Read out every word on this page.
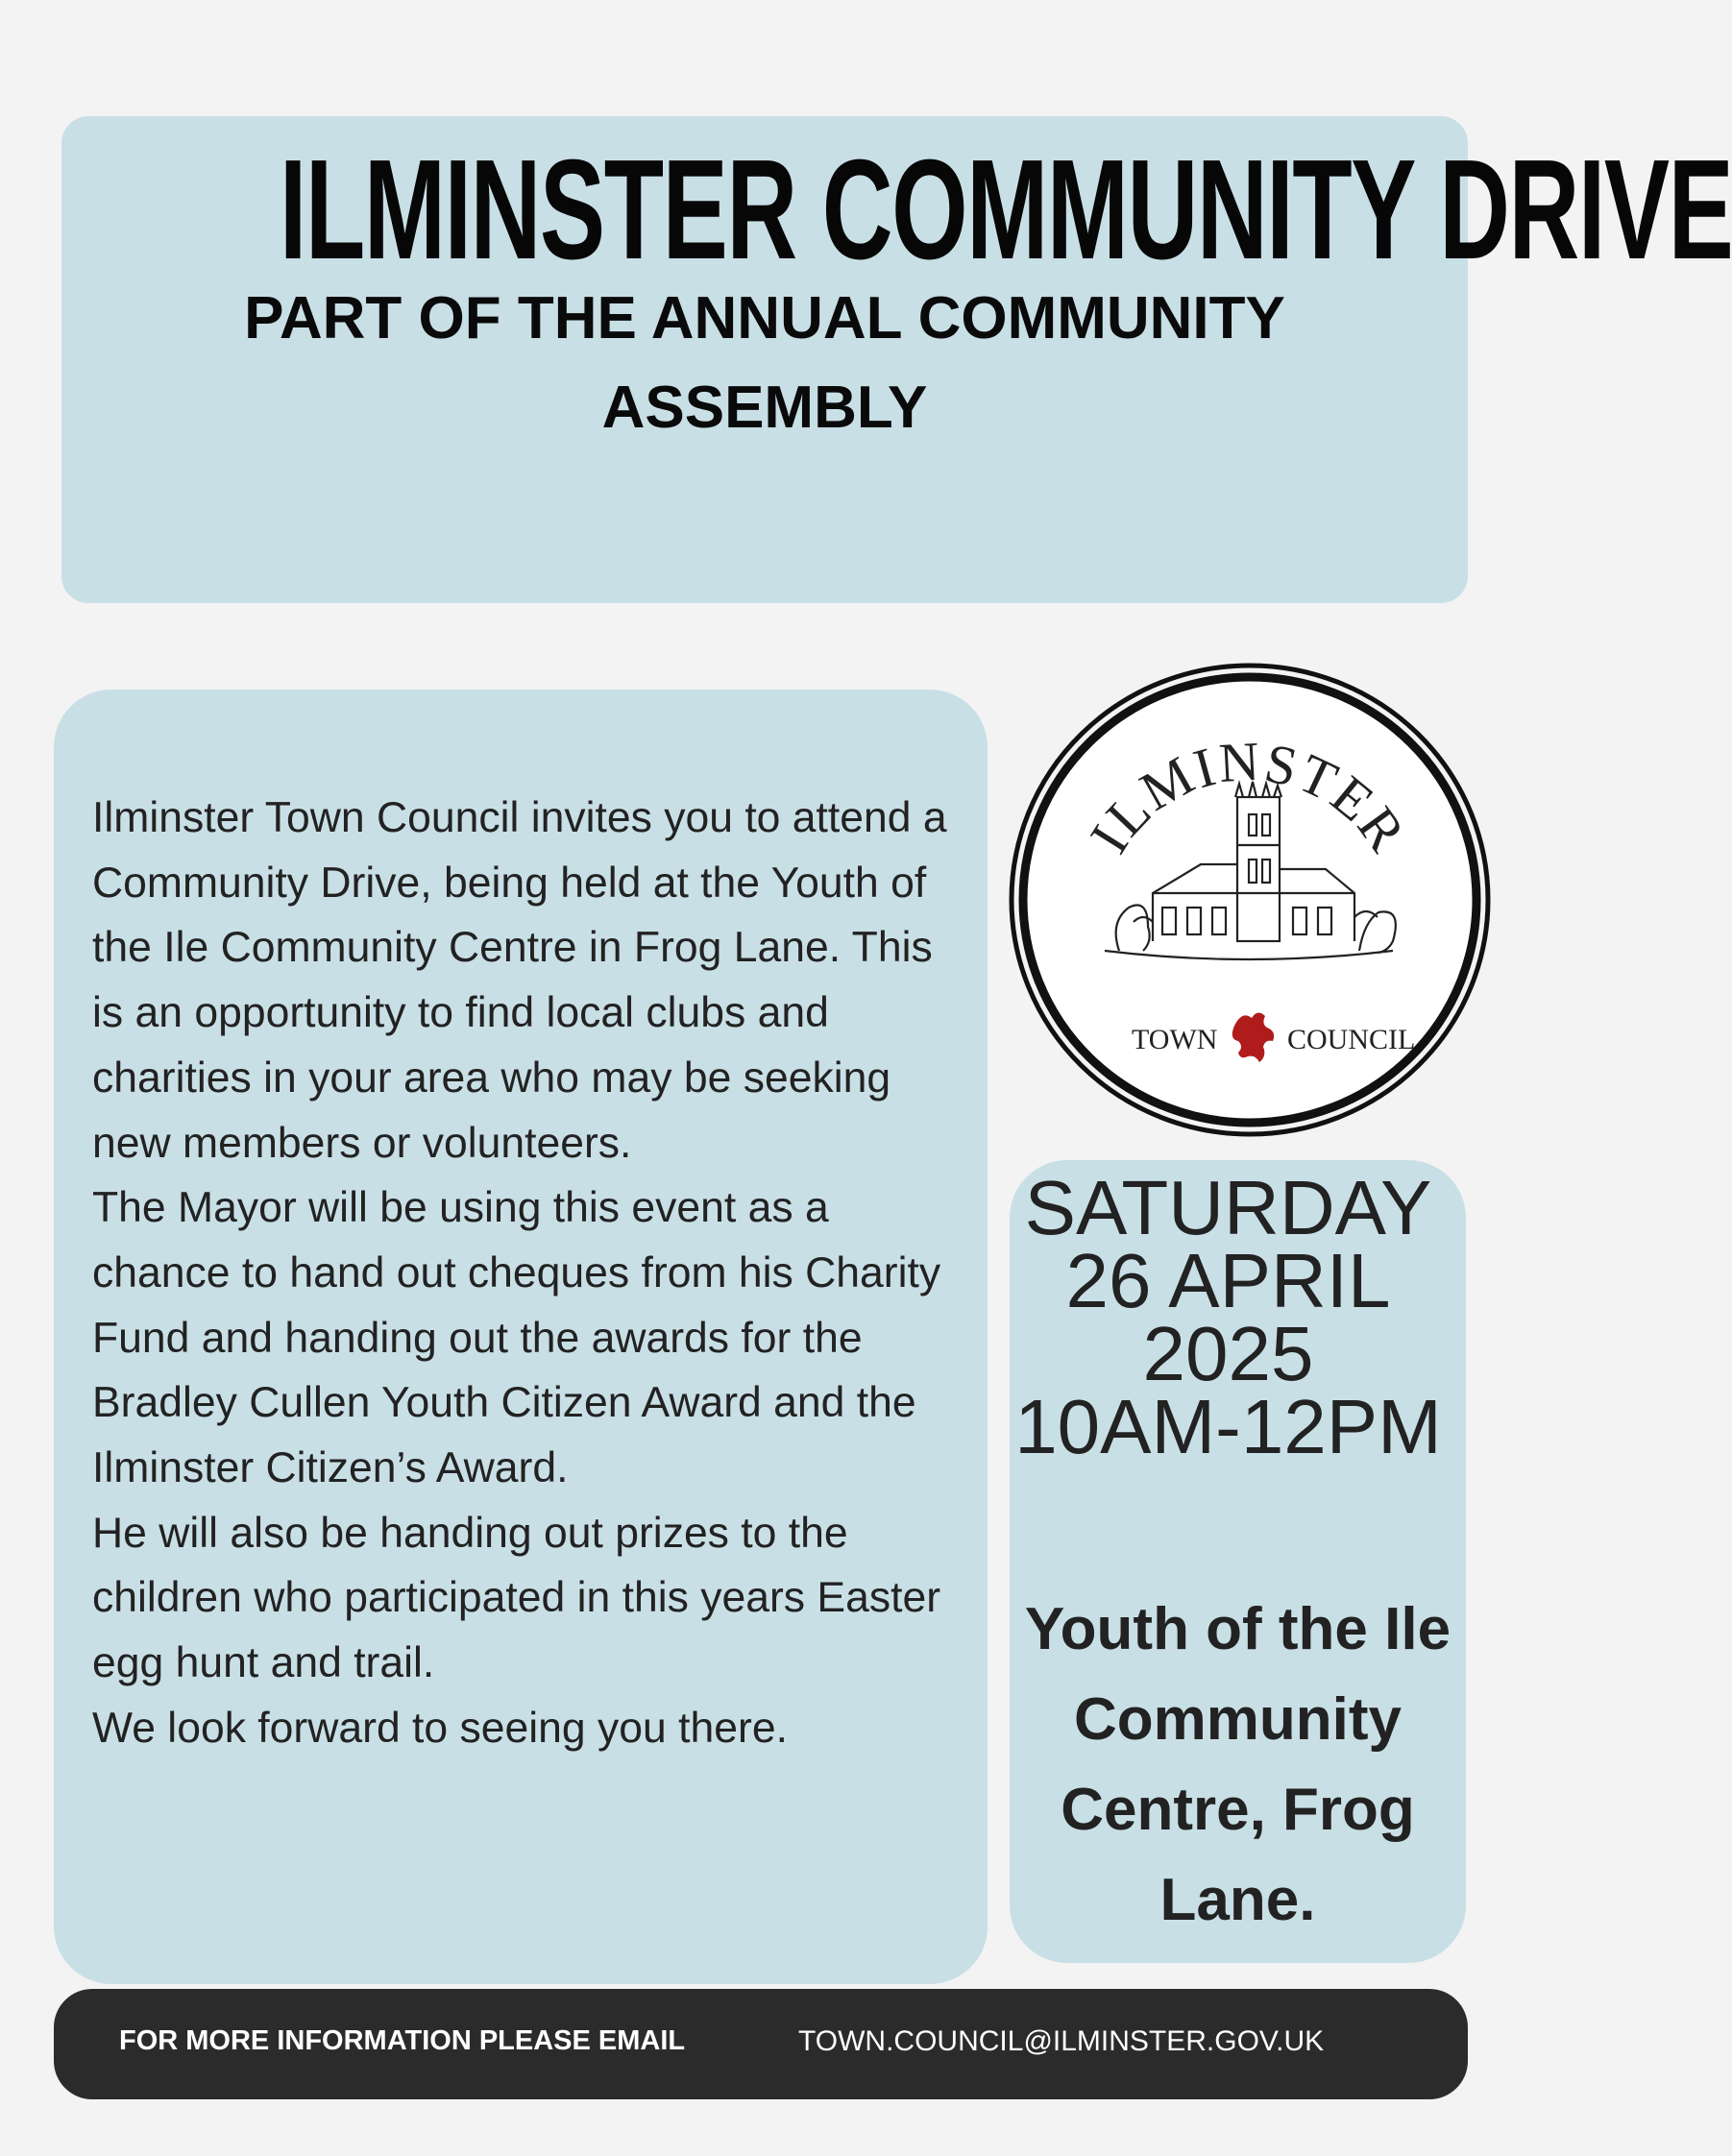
ILMINSTER COMMUNITY DRIVE
PART OF THE ANNUAL COMMUNITY ASSEMBLY

Ilminster Town Council invites you to attend a Community Drive, being held at the Youth of the Ile Community Centre in Frog Lane. This is an opportunity to find local clubs and charities in your area who may be seeking new members or volunteers.

The Mayor will be using this event as a chance to hand out cheques from his Charity Fund and handing out the awards for the Bradley Cullen Youth Citizen Award and the Ilminster Citizen’s Award.

He will also be handing out prizes to the children who participated in this years Easter egg hunt and trail.

We look forward to seeing you there.

ILMINSTER
TOWN COUNCIL
SATURDAY
26 APRIL
2025
10AM-12PM
Youth of the Ile Community Centre, Frog Lane.
FOR MORE INFORMATION PLEASE EMAIL	TOWN.COUNCIL@ILMINSTER.GOV.UK
